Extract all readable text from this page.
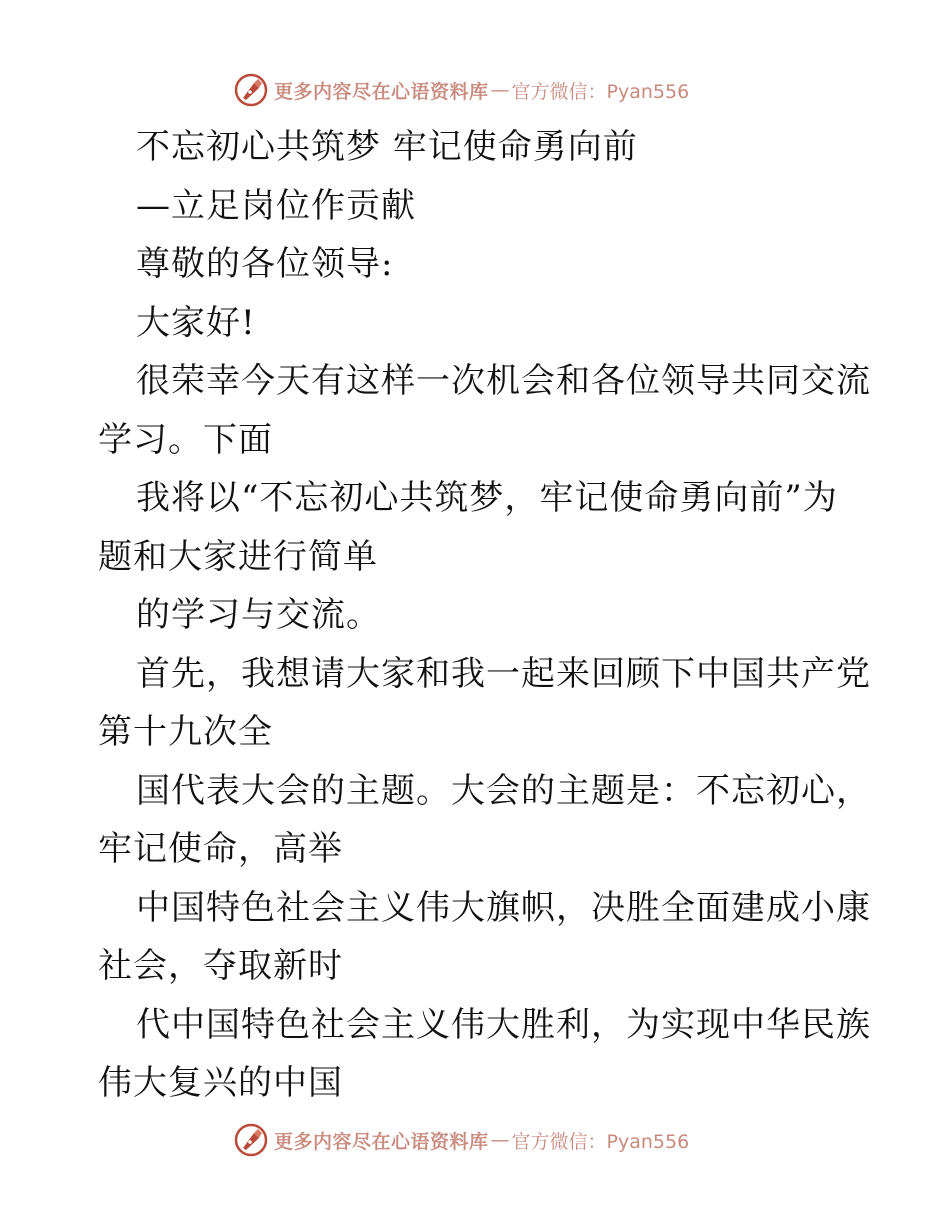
更多内容尽在心语资料库 — 官方微信：Pyan556
不忘初心共筑梦 牢记使命勇向前
—立足岗位作贡献
尊敬的各位领导:
大家好!
很荣幸今天有这样一次机会和各位领导共同交流
学习。下面
我将以“不忘初心共筑梦，牢记使命勇向前”为
题和大家进行简单
的学习与交流。
首先，我想请大家和我一起来回顾下中国共产党
第十九次全
国代表大会的主题。大会的主题是：不忘初心，
牢记使命，高举
中国特色社会主义伟大旗帜，决胜全面建成小康
社会，夺取新时
代中国特色社会主义伟大胜利，为实现中华民族
伟大复兴的中国
更多内容尽在心语资料库 — 官方微信：Pyan556
